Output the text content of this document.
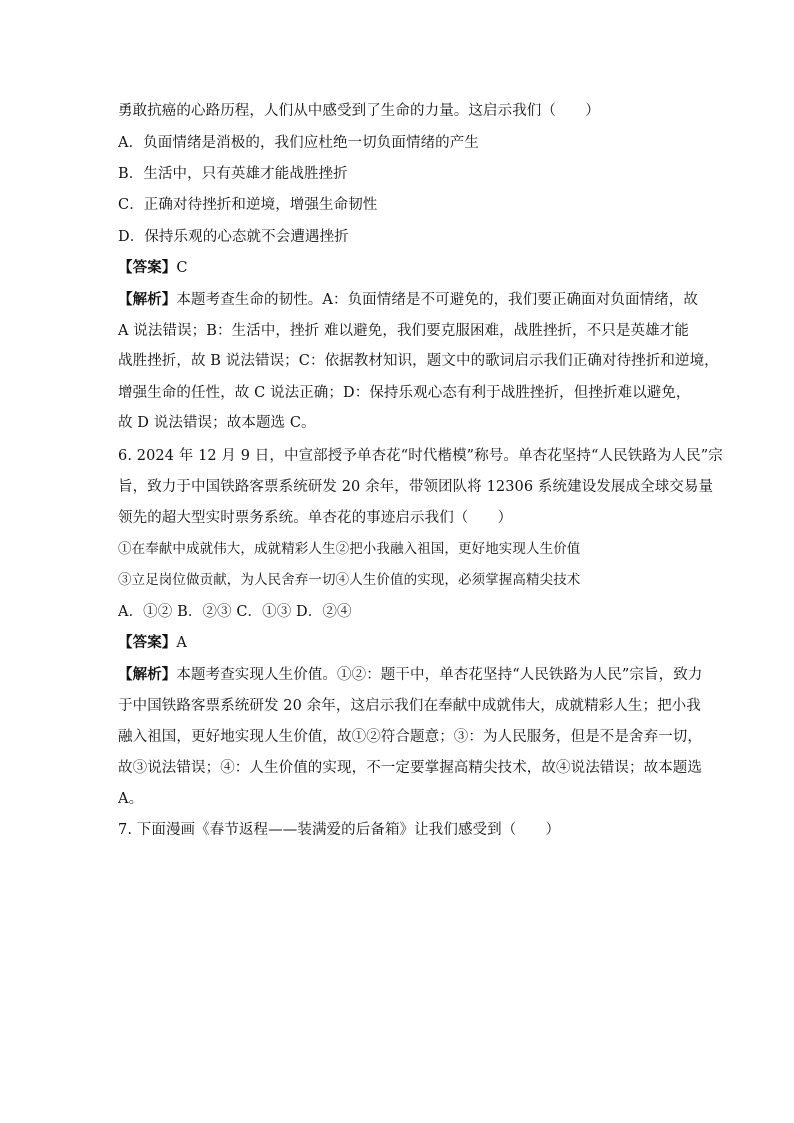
勇敢抗癌的心路历程，人们从中感受到了生命的力量。这启示我们（　　）
A．负面情绪是消极的，我们应杜绝一切负面情绪的产生
B．生活中，只有英雄才能战胜挫折
C．正确对待挫折和逆境，增强生命韧性
D．保持乐观的心态就不会遭遇挫折
【答案】C
【解析】本题考查生命的韧性。A：负面情绪是不可避免的，我们要正确面对负面情绪，故
A 说法错误；B：生活中，挫折 难以避免，我们要克服困难，战胜挫折，不只是英雄才能
战胜挫折，故 B 说法错误；C：依据教材知识，题文中的歌词启示我们正确对待挫折和逆境，
增强生命的任性，故 C 说法正确；D：保持乐观心态有利于战胜挫折，但挫折难以避免，
故 D 说法错误；故本题选 C。
6. 2024 年 12 月 9 日，中宣部授予单杏花“时代楷模”称号。单杏花坚持“人民铁路为人民”宗
旨，致力于中国铁路客票系统研发 20 余年，带领团队将 12306 系统建设发展成全球交易量
领先的超大型实时票务系统。单杏花的事迹启示我们（　　）
①在奉献中成就伟大，成就精彩人生②把小我融入祖国，更好地实现人生价值
③立足岗位做贡献，为人民舍弃一切④人生价值的实现，必须掌握高精尖技术
A．①② B．②③ C．①③ D．②④
【答案】A
【解析】本题考查实现人生价值。①②：题干中，单杏花坚持“人民铁路为人民”宗旨，致力
于中国铁路客票系统研发 20 余年，这启示我们在奉献中成就伟大，成就精彩人生；把小我
融入祖国，更好地实现人生价值，故①②符合题意；③：为人民服务，但是不是舍弃一切，
故③说法错误；④：人生价值的实现，不一定要掌握高精尖技术，故④说法错误；故本题选
A。
7. 下面漫画《春节返程——装满爱的后备箱》让我们感受到（　　）
